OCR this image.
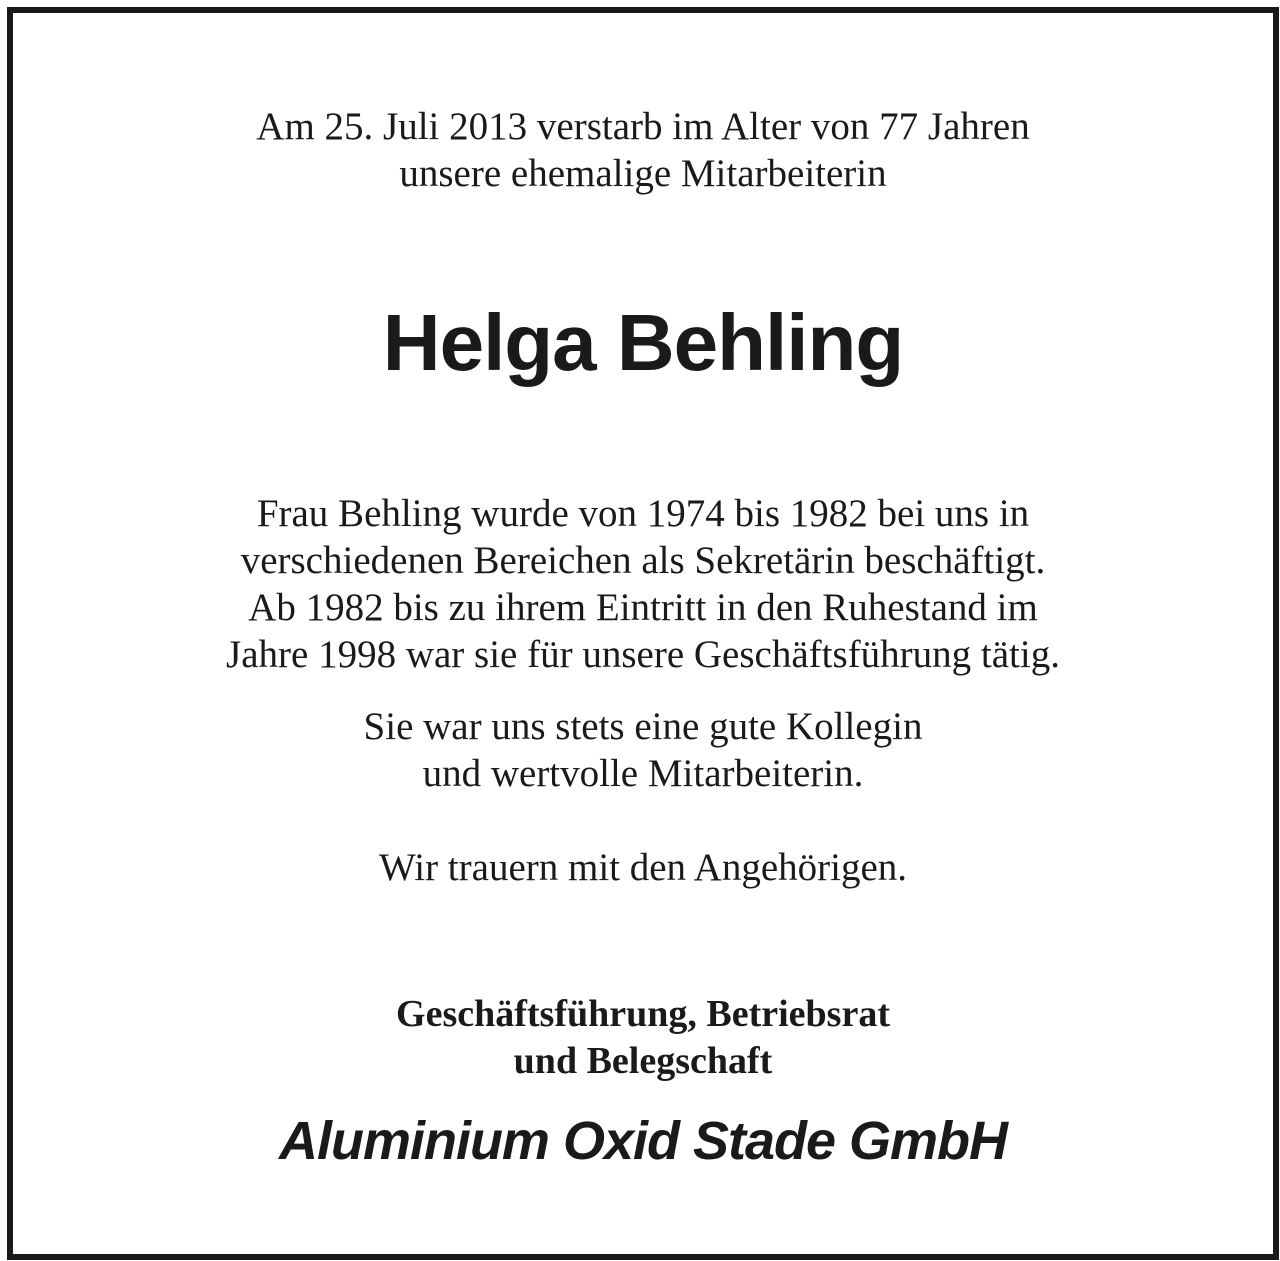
Am 25. Juli 2013 verstarb im Alter von 77 Jahren
unsere ehemalige Mitarbeiterin
Helga Behling
Frau Behling wurde von 1974 bis 1982 bei uns in
verschiedenen Bereichen als Sekretärin beschäftigt.
Ab 1982 bis zu ihrem Eintritt in den Ruhestand im
Jahre 1998 war sie für unsere Geschäftsführung tätig.
Sie war uns stets eine gute Kollegin
und wertvolle Mitarbeiterin.
Wir trauern mit den Angehörigen.
Geschäftsführung, Betriebsrat
und Belegschaft
Aluminium Oxid Stade GmbH
